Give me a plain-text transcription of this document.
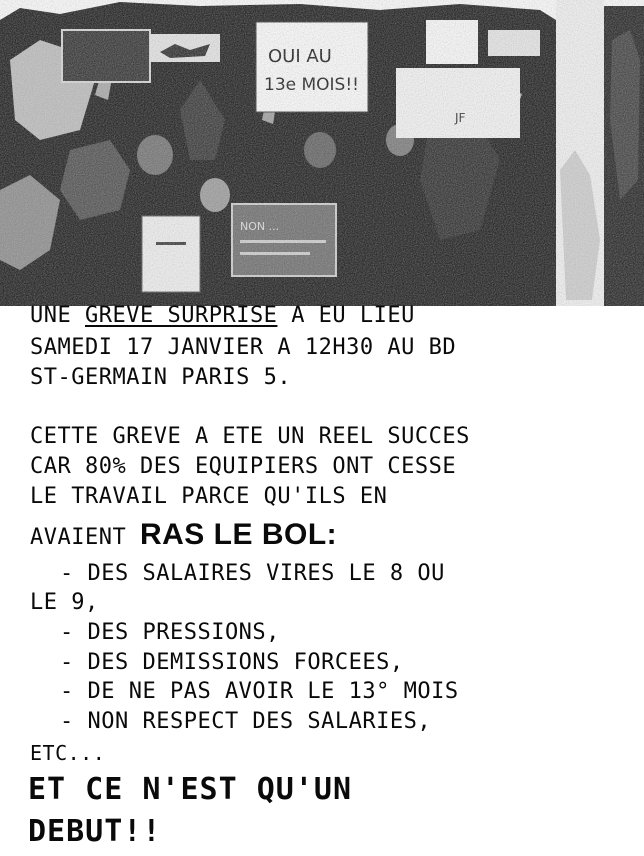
UNE GREVE SURPRISE A EU LIEU
SAMEDI 17 JANVIER A 12H30 AU BD
ST-GERMAIN PARIS 5.
CETTE GREVE A ETE UN REEL SUCCES
CAR 80% DES EQUIPIERS ONT CESSE
LE TRAVAIL PARCE QU'ILS EN
AVAIENT RAS LE BOL:
- DES SALAIRES VIRES LE 8 OU
LE 9,
- DES PRESSIONS,
- DES DEMISSIONS FORCEES,
- DE NE PAS AVOIR LE 13° MOIS
- NON RESPECT DES SALARIES,
ETC...
ET CE N'EST QU'UN
DEBUT!!
